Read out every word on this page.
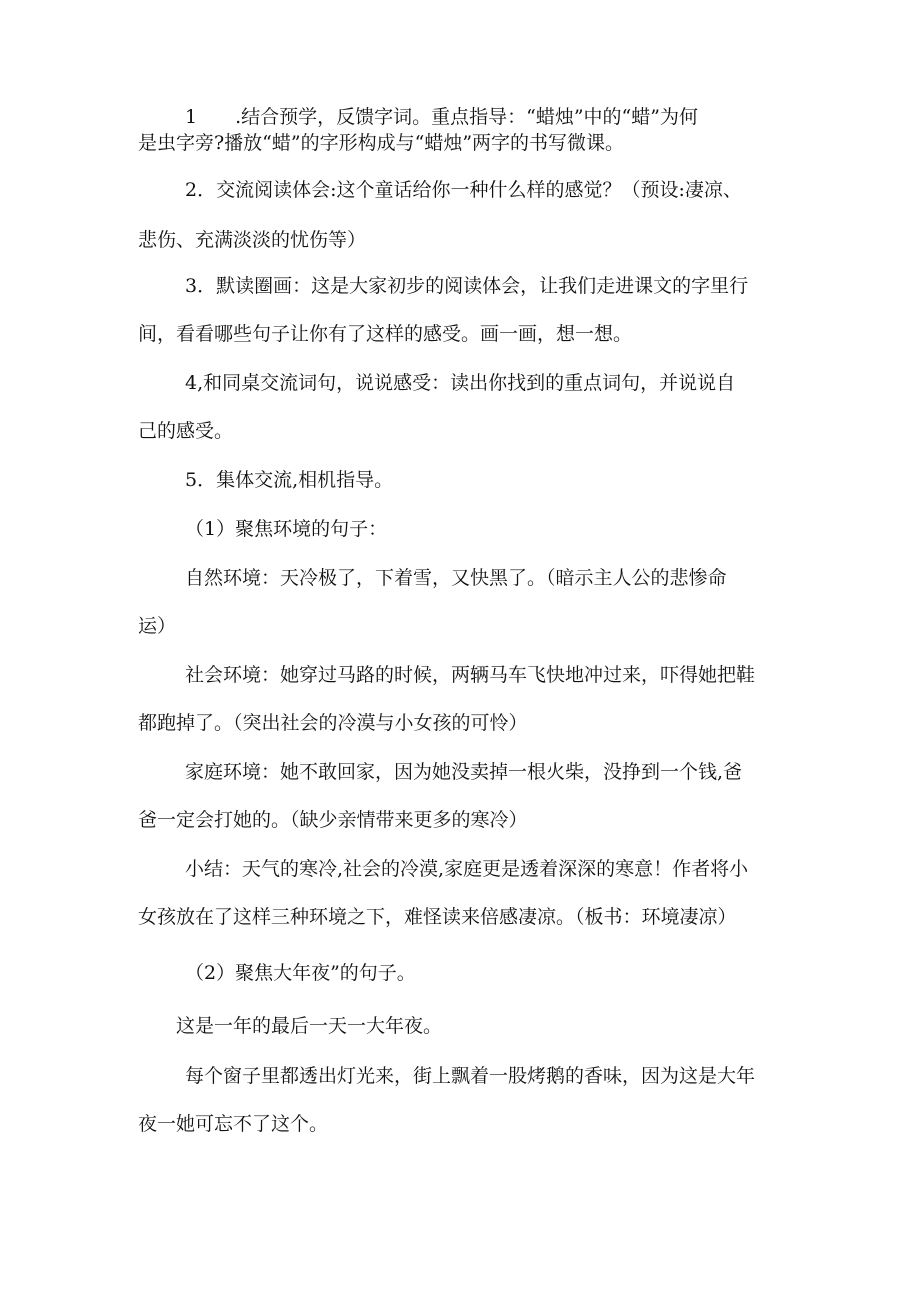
1　　.结合预学，反馈字词。重点指导：“蜡烛”中的“蜡”为何
是虫字旁?播放“蜡”的字形构成与“蜡烛”两字的书写微课。
2．交流阅读体会:这个童话给你一种什么样的感觉？（预设:凄凉、
悲伤、充满淡淡的忧伤等）
3．默读圈画：这是大家初步的阅读体会，让我们走进课文的字里行
间，看看哪些句子让你有了这样的感受。画一画，想一想。
4,和同桌交流词句，说说感受：读出你找到的重点词句，并说说自
己的感受。
5．集体交流,相机指导。
（1）聚焦环境的句子：
自然环境：天冷极了，下着雪，又快黑了。（暗示主人公的悲惨命
运）
社会环境：她穿过马路的时候，两辆马车飞快地冲过来，吓得她把鞋
都跑掉了。（突出社会的冷漠与小女孩的可怜）
家庭环境：她不敢回家，因为她没卖掉一根火柴，没挣到一个钱,爸
爸一定会打她的。（缺少亲情带来更多的寒冷）
小结：天气的寒冷,社会的冷漠,家庭更是透着深深的寒意！作者将小
女孩放在了这样三种环境之下，难怪读来倍感凄凉。（板书：环境凄凉）
（2）聚焦大年夜”的句子。
这是一年的最后一天一大年夜。
每个窗子里都透出灯光来，街上飘着一股烤鹅的香味，因为这是大年
夜一她可忘不了这个。
